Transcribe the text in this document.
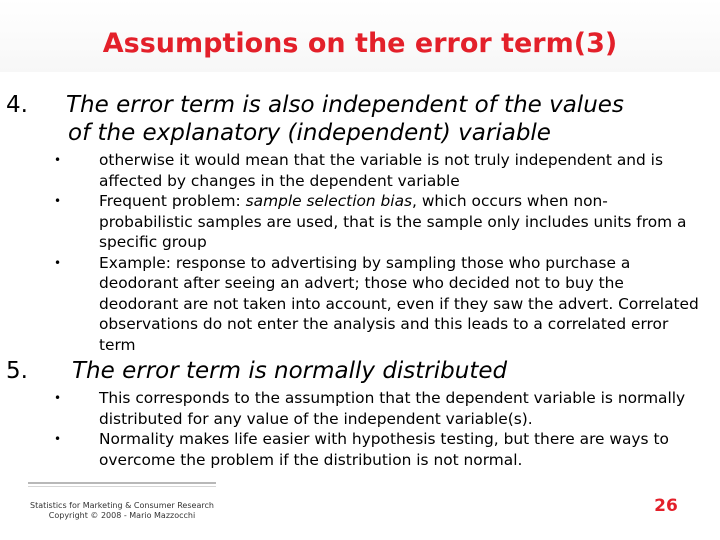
Assumptions on the error term(3)
4. The error term is also independent of the values
of the explanatory (independent) variable
• otherwise it would mean that the variable is not truly independent and is affected by changes in the dependent variable
• Frequent problem: sample selection bias, which occurs when non-probabilistic samples are used, that is the sample only includes units from a specific group
• Example: response to advertising by sampling those who purchase a deodorant after seeing an advert; those who decided not to buy the deodorant are not taken into account, even if they saw the advert. Correlated observations do not enter the analysis and this leads to a correlated error term
5. The error term is normally distributed
• This corresponds to the assumption that the dependent variable is normally distributed for any value of the independent variable(s).
• Normality makes life easier with hypothesis testing, but there are ways to overcome the problem if the distribution is not normal.
Statistics for Marketing & Consumer Research
Copyright © 2008 - Mario Mazzocchi	26
